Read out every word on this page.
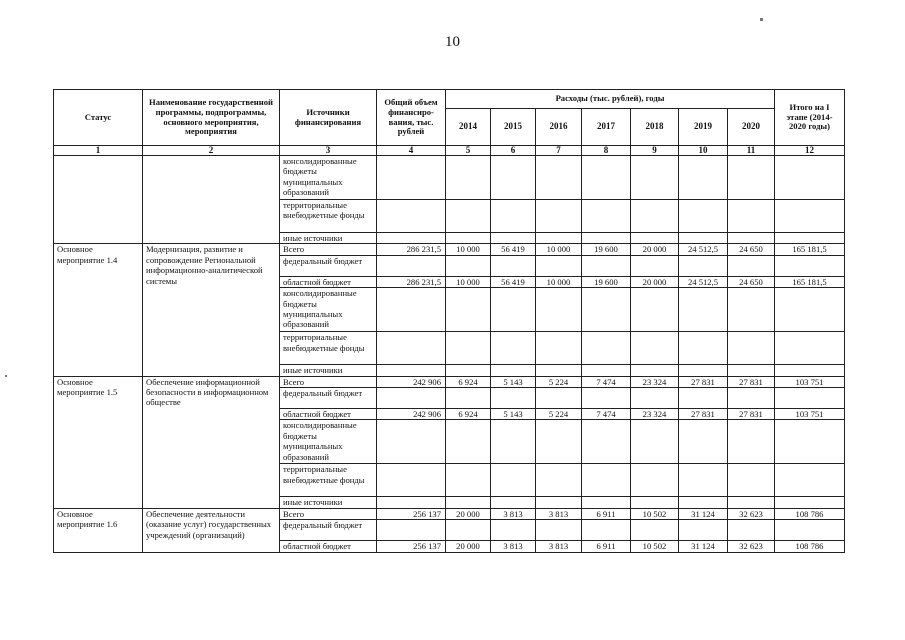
10
Статус	Наименование государственной программы, подпрограммы, основного мероприятия, мероприятия	Источники финансирования	Общий объем финансиро-вания, тыс. рублей	Расходы (тыс. рублей), годы							Итого на I этапе (2014-2020 годы)
				2014	2015	2016	2017	2018	2019	2020	
1	2	3	4	5	6	7	8	9	10	11	12
		консолидированные бюджеты муниципальных образований									
		территориальные внебюджетные фонды									
		иные источники									
Основное мероприятие 1.4	Модернизация, развитие и сопровождение Региональной информационно-аналитической системы	Всего	286 231,5	10 000	56 419	10 000	19 600	20 000	24 512,5	24 650	165 181,5
		федеральный бюджет									
		областной бюджет	286 231,5	10 000	56 419	10 000	19 600	20 000	24 512,5	24 650	165 181,5
		консолидированные бюджеты муниципальных образований									
		территориальные внебюджетные фонды									
		иные источники									
Основное мероприятие 1.5	Обеспечение информационной безопасности в информационном обществе	Всего	242 906	6 924	5 143	5 224	7 474	23 324	27 831	27 831	103 751
		федеральный бюджет									
		областной бюджет	242 906	6 924	5 143	5 224	7 474	23 324	27 831	27 831	103 751
		консолидированные бюджеты муниципальных образований									
		территориальные внебюджетные фонды									
		иные источники									
Основное мероприятие 1.6	Обеспечение деятельности (оказание услуг) государственных учреждений (организаций)	Всего	256 137	20 000	3 813	3 813	6 911	10 502	31 124	32 623	108 786
		федеральный бюджет									
		областной бюджет	256 137	20 000	3 813	3 813	6 911	10 502	31 124	32 623	108 786
